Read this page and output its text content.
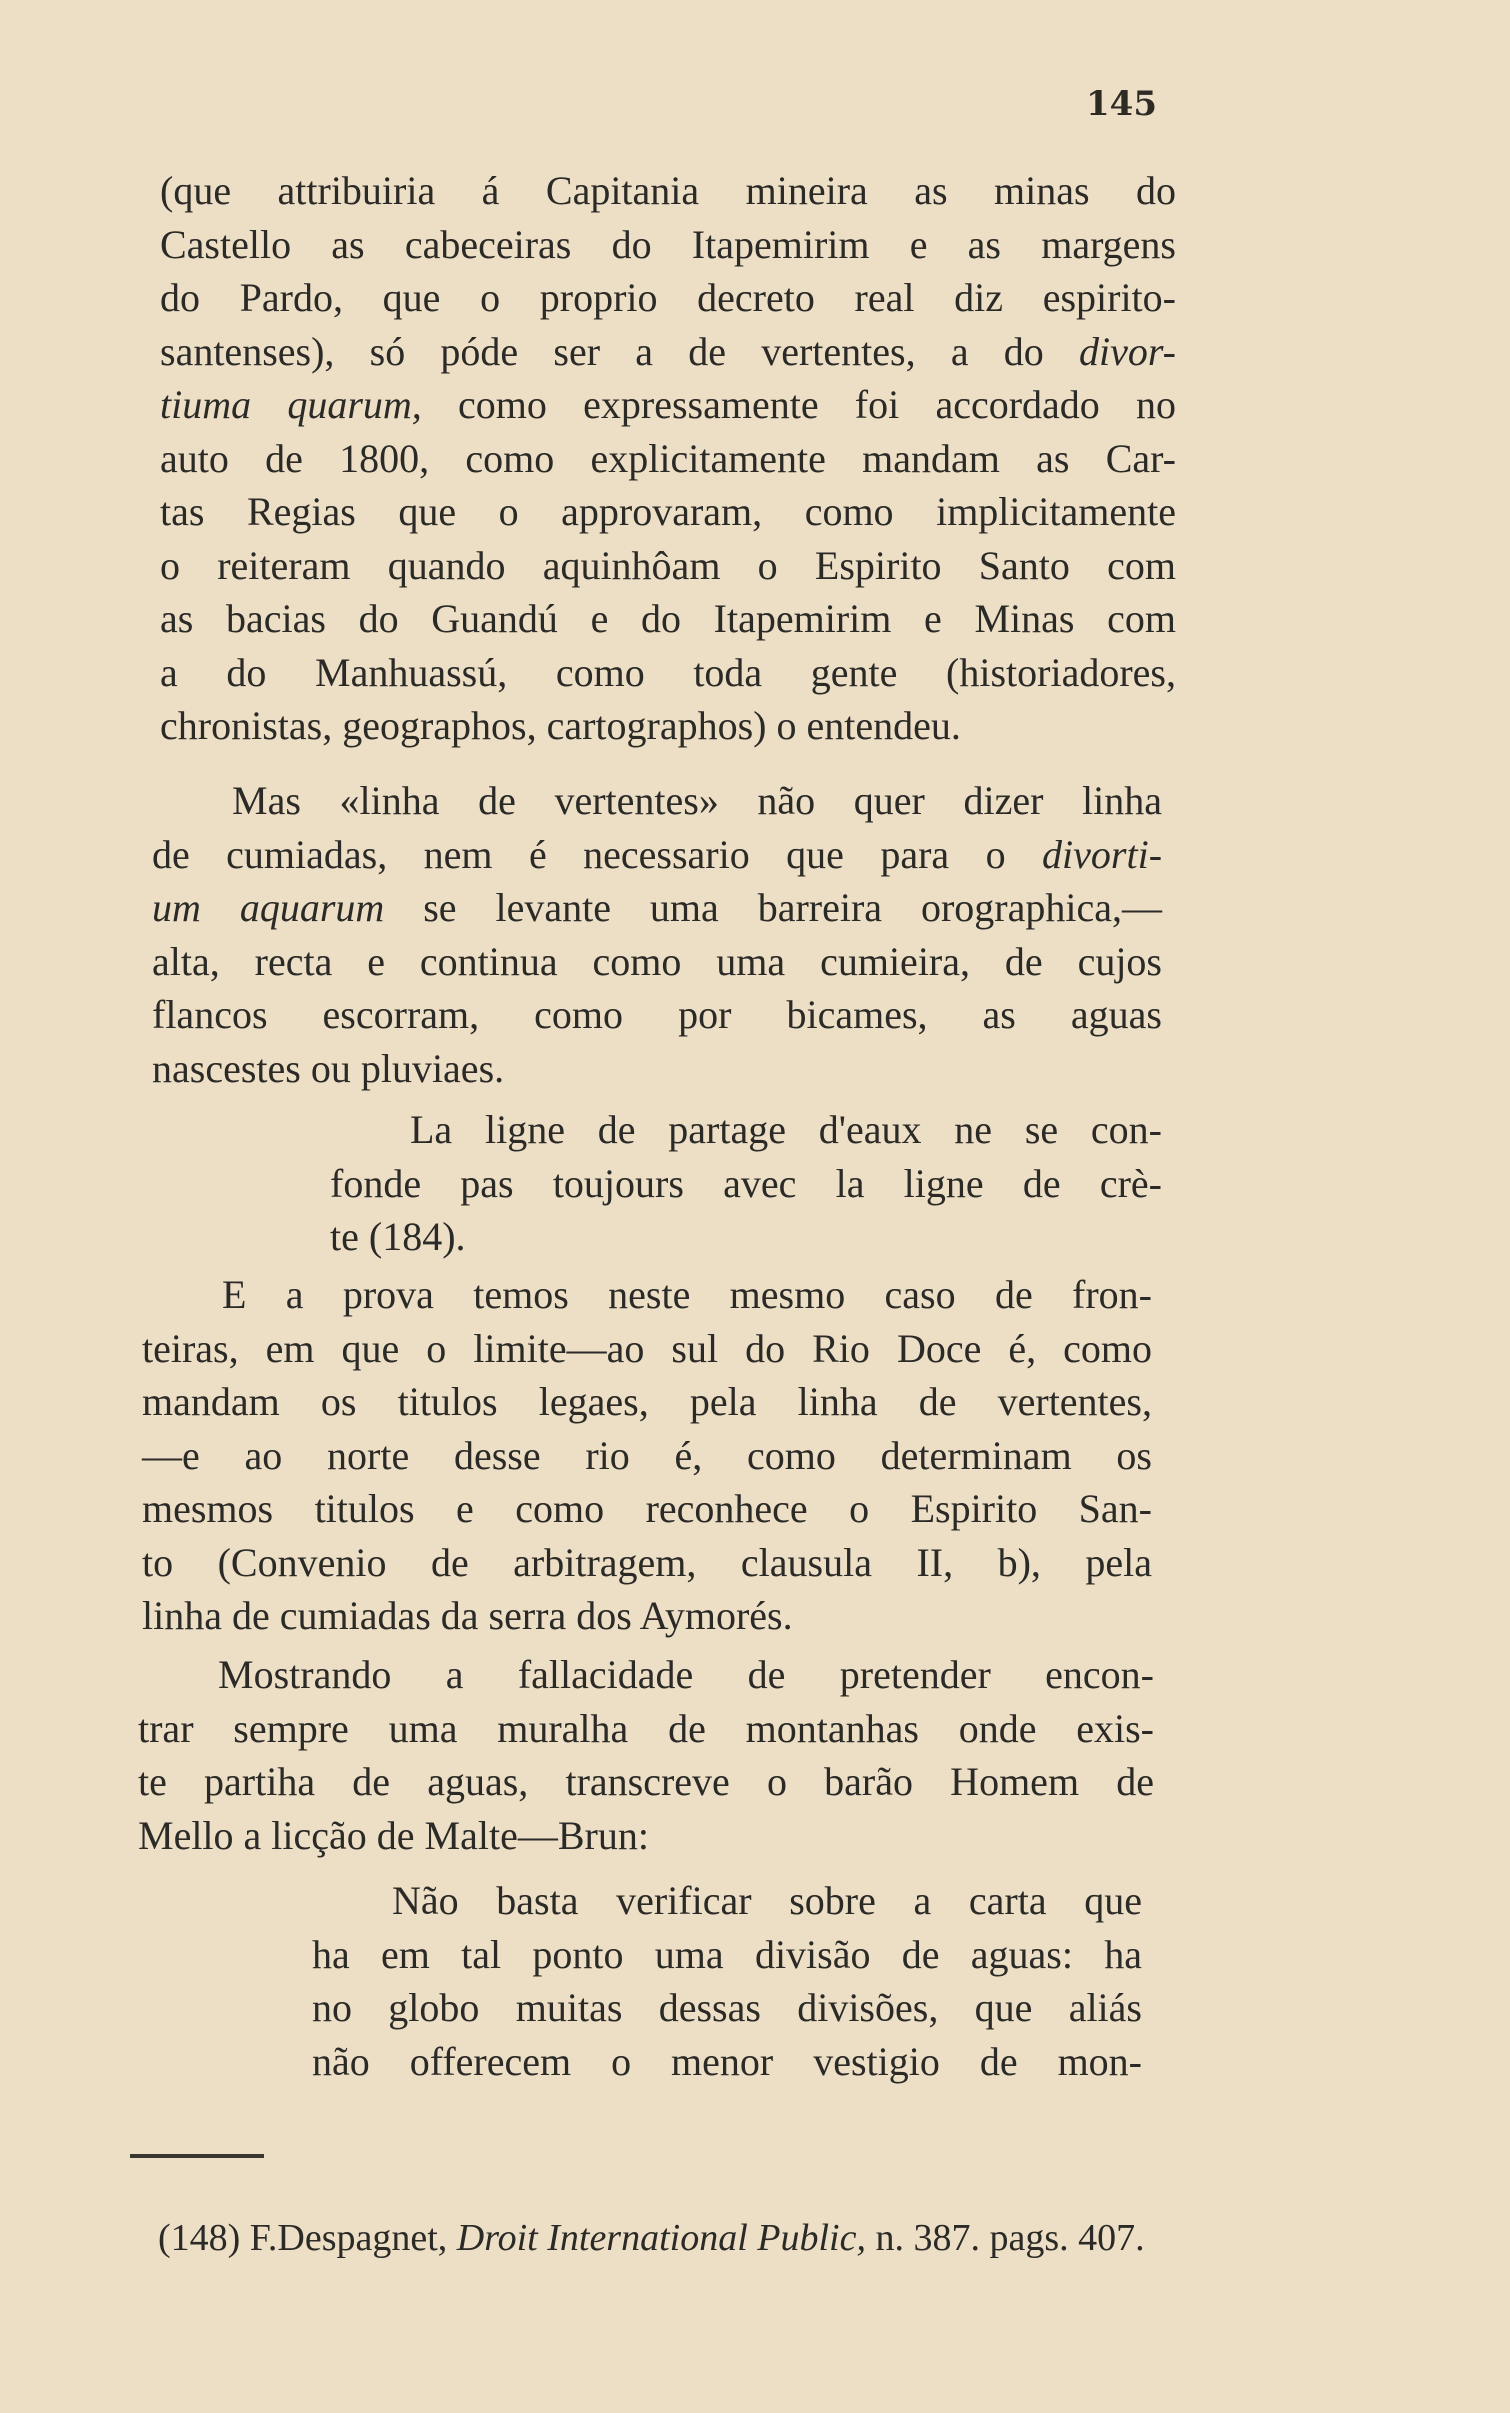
145
(que attribuiria á Capitania mineira as minas do
Castello as cabeceiras do Itapemirim e as margens
do Pardo, que o proprio decreto real diz espirito-
santenses), só póde ser a de vertentes, a do divor-
tiuma quarum, como expressamente foi accordado no
auto de 1800, como explicitamente mandam as Car-
tas Regias que o approvaram, como implicitamente
o reiteram quando aquinhôam o Espirito Santo com
as bacias do Guandú e do Itapemirim e Minas com
a do Manhuassú, como toda gente (historiadores,
chronistas, geographos, cartographos) o entendeu.
Mas «linha de vertentes» não quer dizer linha
de cumiadas, nem é necessario que para o divorti-
um aquarum se levante uma barreira orographica,—
alta, recta e continua como uma cumieira, de cujos
flancos escorram, como por bicames, as aguas
nascestes ou pluviaes.
La ligne de partage d'eaux ne se con-
fonde pas toujours avec la ligne de crè-
te (184).
E a prova temos neste mesmo caso de fron-
teiras, em que o limite—ao sul do Rio Doce é, como
mandam os titulos legaes, pela linha de vertentes,
—e ao norte desse rio é, como determinam os
mesmos titulos e como reconhece o Espirito San-
to (Convenio de arbitragem, clausula II, b), pela
linha de cumiadas da serra dos Aymorés.
Mostrando a fallacidade de pretender encon-
trar sempre uma muralha de montanhas onde exis-
te partiha de aguas, transcreve o barão Homem de
Mello a licção de Malte—Brun:
Não basta verificar sobre a carta que
ha em tal ponto uma divisão de aguas: ha
no globo muitas dessas divisões, que aliás
não offerecem o menor vestigio de mon-
(148) F.Despagnet, Droit International Public, n. 387. pags. 407.
